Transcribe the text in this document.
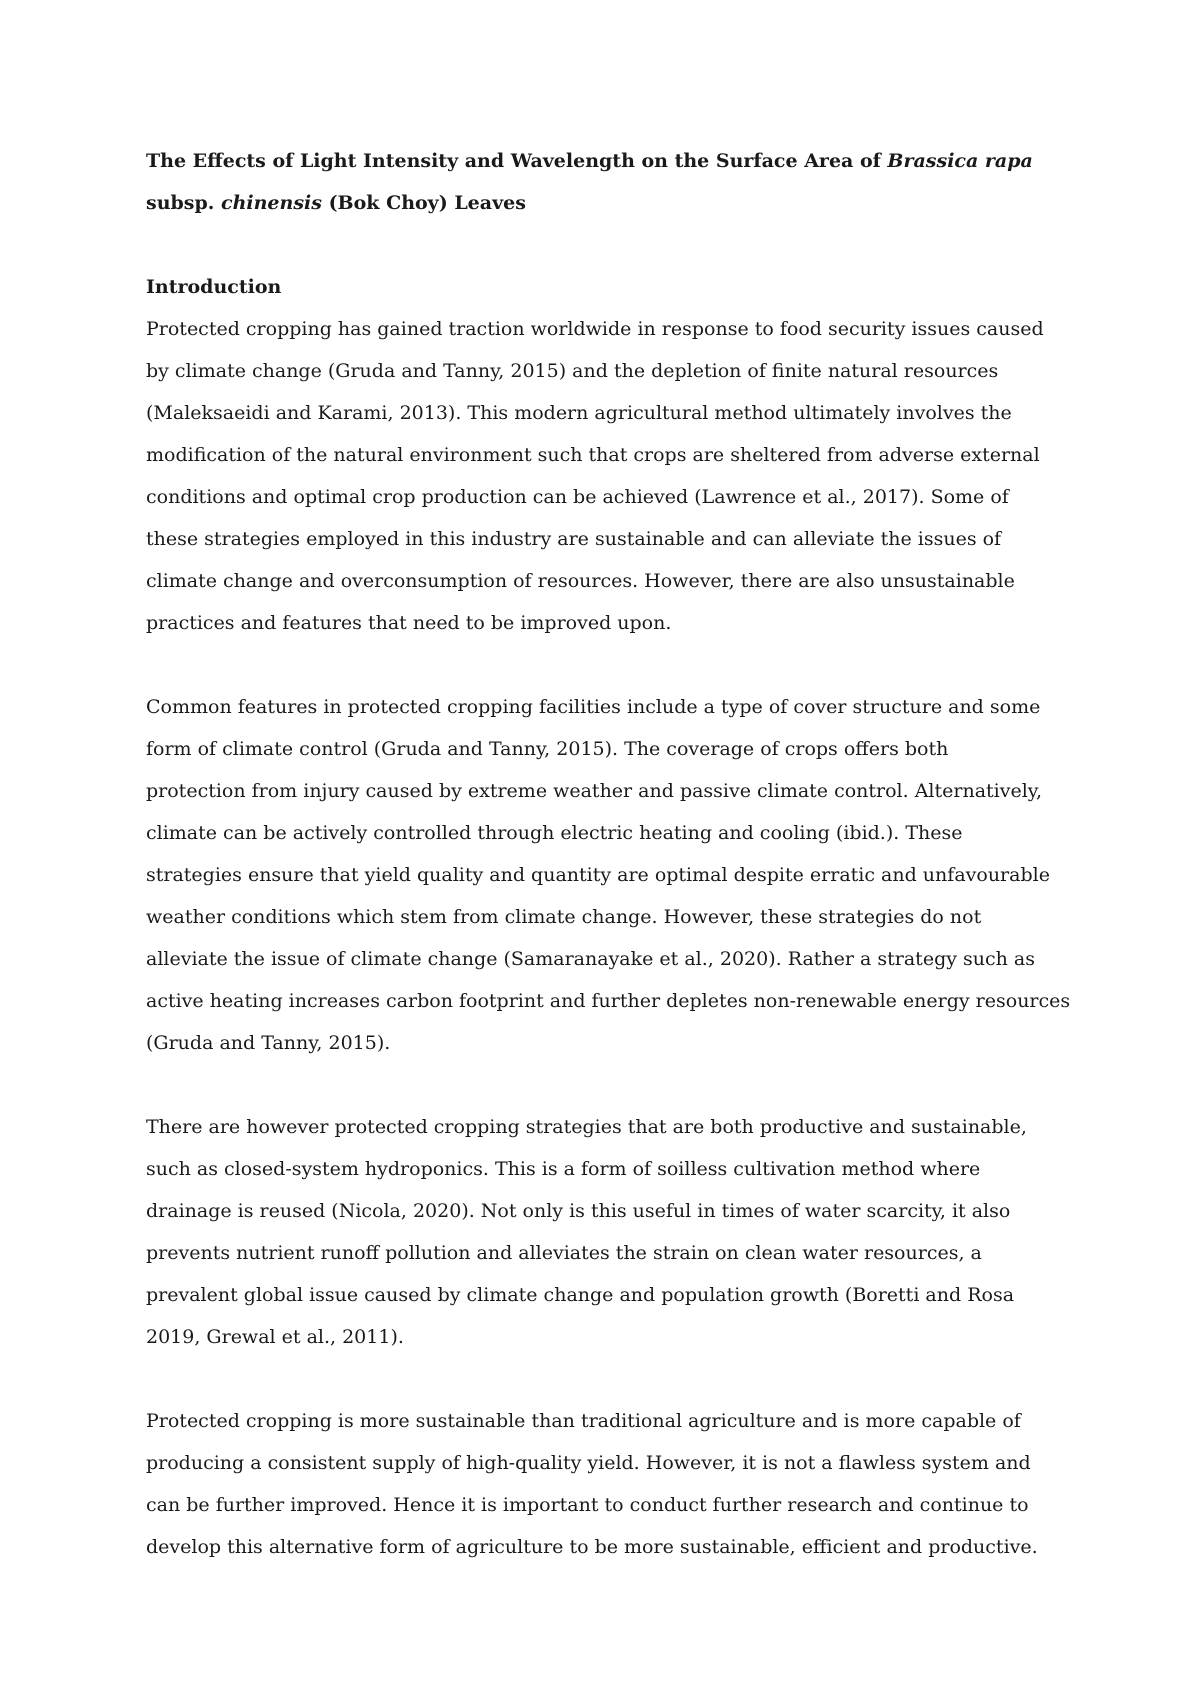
The Effects of Light Intensity and Wavelength on the Surface Area of Brassica rapa
subsp. chinensis (Bok Choy) Leaves

Introduction

Protected cropping has gained traction worldwide in response to food security issues caused
by climate change (Gruda and Tanny, 2015) and the depletion of finite natural resources
(Maleksaeidi and Karami, 2013). This modern agricultural method ultimately involves the
modification of the natural environment such that crops are sheltered from adverse external
conditions and optimal crop production can be achieved (Lawrence et al., 2017). Some of
these strategies employed in this industry are sustainable and can alleviate the issues of
climate change and overconsumption of resources. However, there are also unsustainable
practices and features that need to be improved upon.

Common features in protected cropping facilities include a type of cover structure and some
form of climate control (Gruda and Tanny, 2015). The coverage of crops offers both
protection from injury caused by extreme weather and passive climate control. Alternatively,
climate can be actively controlled through electric heating and cooling (ibid.). These
strategies ensure that yield quality and quantity are optimal despite erratic and unfavourable
weather conditions which stem from climate change. However, these strategies do not
alleviate the issue of climate change (Samaranayake et al., 2020). Rather a strategy such as
active heating increases carbon footprint and further depletes non-renewable energy resources
(Gruda and Tanny, 2015).

There are however protected cropping strategies that are both productive and sustainable,
such as closed-system hydroponics. This is a form of soilless cultivation method where
drainage is reused (Nicola, 2020). Not only is this useful in times of water scarcity, it also
prevents nutrient runoff pollution and alleviates the strain on clean water resources, a
prevalent global issue caused by climate change and population growth (Boretti and Rosa
2019, Grewal et al., 2011).

Protected cropping is more sustainable than traditional agriculture and is more capable of
producing a consistent supply of high-quality yield. However, it is not a flawless system and
can be further improved. Hence it is important to conduct further research and continue to
develop this alternative form of agriculture to be more sustainable, efficient and productive.
